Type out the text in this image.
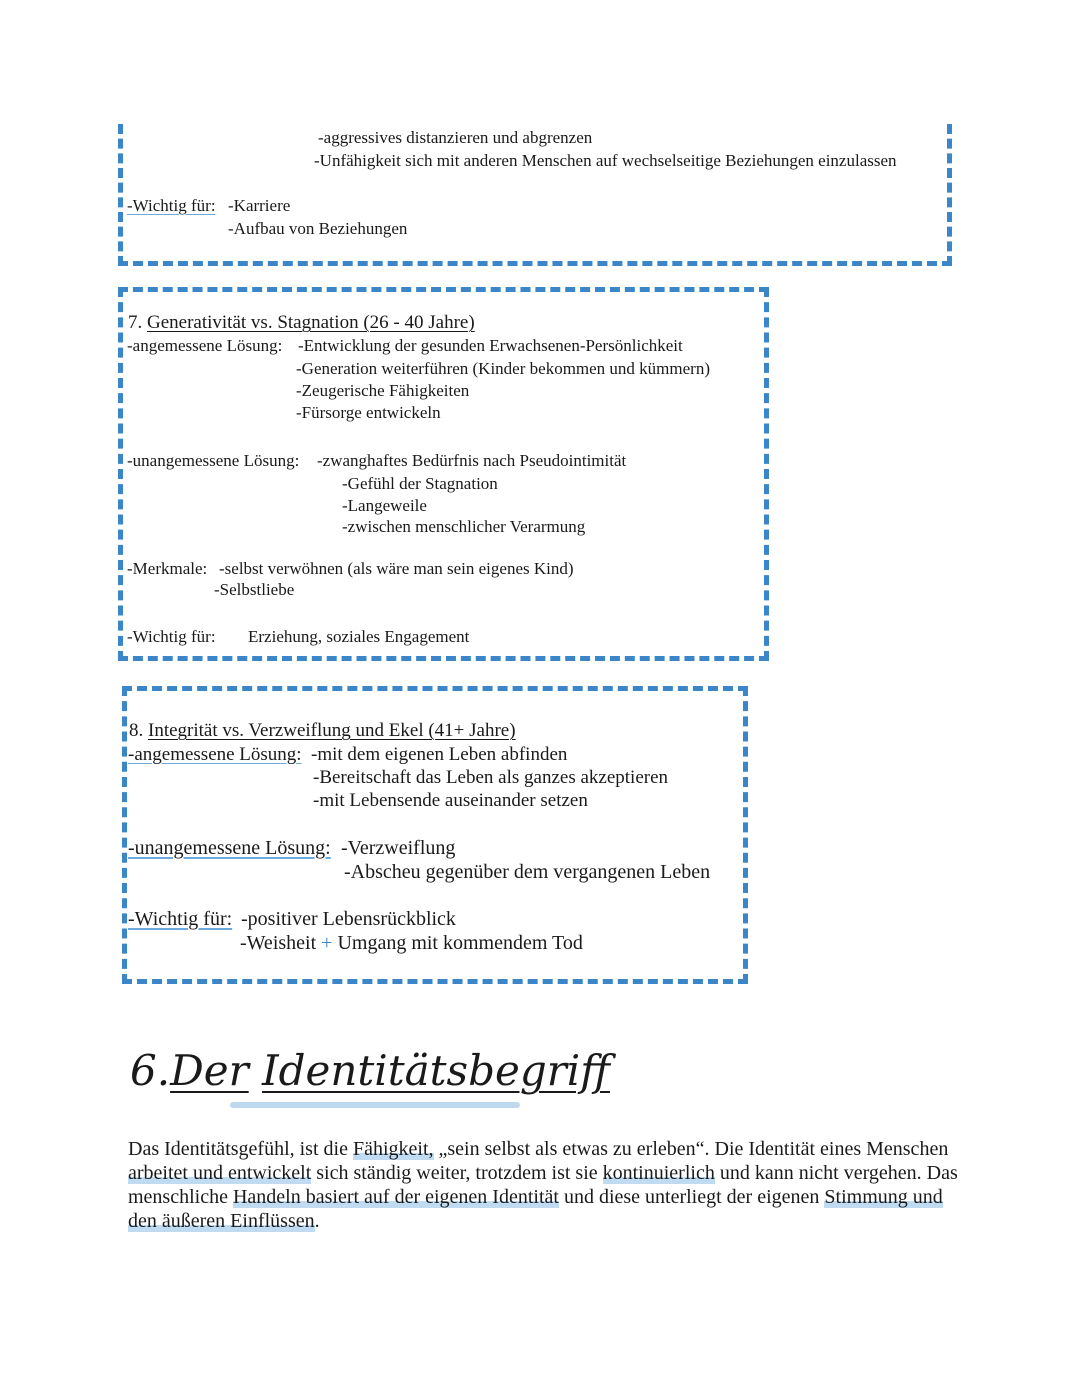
-aggressives distanzieren und abgrenzen
-Unfähigkeit sich mit anderen Menschen auf wechselseitige Beziehungen einzulassen
-Wichtig für: -Karriere
-Aufbau von Beziehungen
7. Generativität vs. Stagnation (26 - 40 Jahre)
-angemessene Lösung: -Entwicklung der gesunden Erwachsenen-Persönlichkeit
-Generation weiterführen (Kinder bekommen und kümmern)
-Zeugerische Fähigkeiten
-Fürsorge entwickeln
-unangemessene Lösung: -zwanghaftes Bedürfnis nach Pseudointimität
-Gefühl der Stagnation
-Langeweile
-zwischen menschlicher Verarmung
-Merkmale: -selbst verwöhnen (als wäre man sein eigenes Kind)
-Selbstliebe
-Wichtig für: Erziehung, soziales Engagement
8. Integrität vs. Verzweiflung und Ekel (41+ Jahre)
-angemessene Lösung: -mit dem eigenen Leben abfinden
-Bereitschaft das Leben als ganzes akzeptieren
-mit Lebensende auseinander setzen
-unangemessene Lösung: -Verzweiflung
-Abscheu gegenüber dem vergangenen Leben
-Wichtig für: -positiver Lebensrückblick
-Weisheit + Umgang mit kommendem Tod
6.Der Identitätsbegriff
Das Identitätsgefühl, ist die Fähigkeit, „sein selbst als etwas zu erleben“. Die Identität eines Menschen arbeitet und entwickelt sich ständig weiter, trotzdem ist sie kontinuierlich und kann nicht vergehen. Das menschliche Handeln basiert auf der eigenen Identität und diese unterliegt der eigenen Stimmung und den äußeren Einflüssen.
